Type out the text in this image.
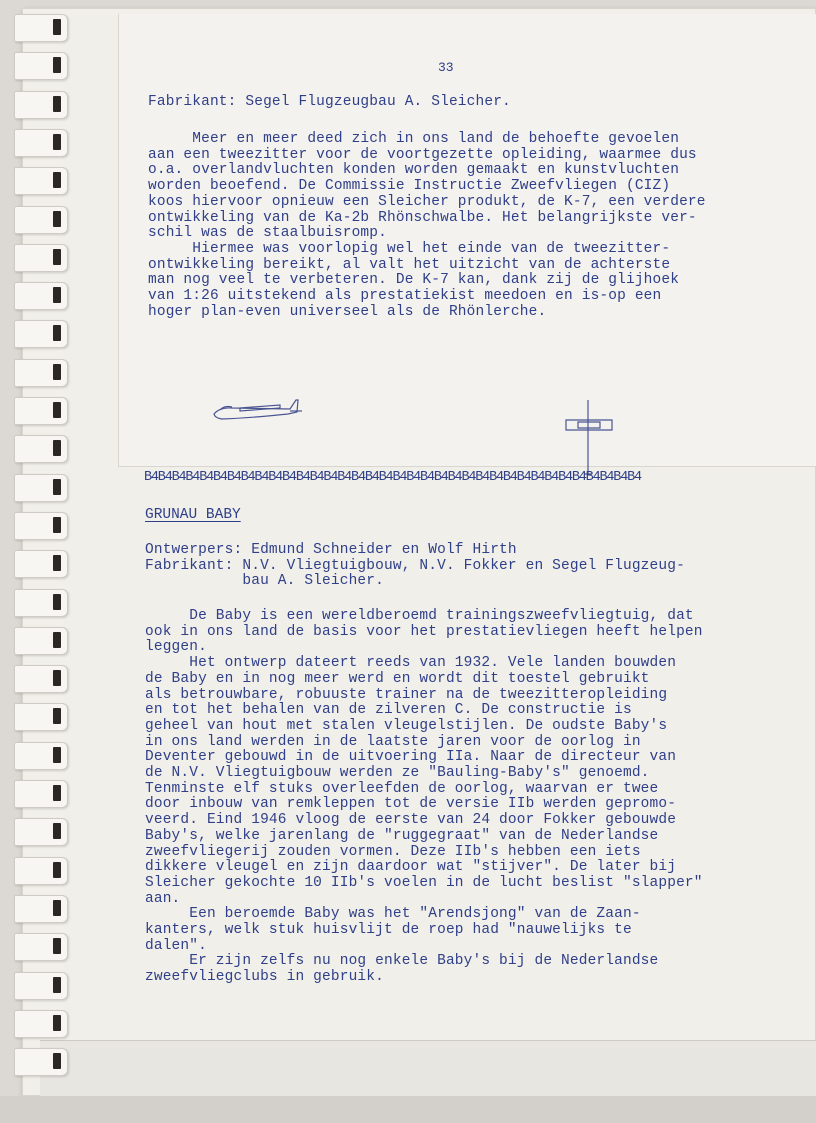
33
Fabrikant: Segel Flugzeugbau A. Sleicher.
Meer en meer deed zich in ons land de behoefte gevoelen
aan een tweezitter voor de voortgezette opleiding, waarmee dus
o.a. overlandvluchten konden worden gemaakt en kunstvluchten
worden beoefend. De Commissie Instructie Zweefvliegen (CIZ)
koos hiervoor opnieuw een Sleicher produkt, de K-7, een verdere
ontwikkeling van de Ka-2b Rhönschwalbe. Het belangrijkste ver-
schil was de staalbuisromp.
Hiermee was voorlopig wel het einde van de tweezitter-
ontwikkeling bereikt, al valt het uitzicht van de achterste
man nog veel te verbeteren. De K-7 kan, dank zij de glijhoek
van 1:26 uitstekend als prestatiekist meedoen en is-op een
hoger plan-even universeel als de Rhönlerche.
B4B4B4B4B4B4B4B4B4B4B4B4B4B4B4B4B4B4B4B4B4B4B4B4B4B4B4B4B4B4B4B4B4B4B4B4
GRUNAU BABY
Ontwerpers: Edmund Schneider en Wolf Hirth
Fabrikant: N.V. Vliegtuigbouw, N.V. Fokker en Segel Flugzeug-
bau A. Sleicher.
De Baby is een wereldberoemd trainingszweefvliegtuig, dat
ook in ons land de basis voor het prestatievliegen heeft helpen
leggen.
Het ontwerp dateert reeds van 1932. Vele landen bouwden
de Baby en in nog meer werd en wordt dit toestel gebruikt
als betrouwbare, robuuste trainer na de tweezitteropleiding
en tot het behalen van de zilveren C. De constructie is
geheel van hout met stalen vleugelstijlen. De oudste Baby's
in ons land werden in de laatste jaren voor de oorlog in
Deventer gebouwd in de uitvoering IIa. Naar de directeur van
de N.V. Vliegtuigbouw werden ze "Bauling-Baby's" genoemd.
Tenminste elf stuks overleefden de oorlog, waarvan er twee
door inbouw van remkleppen tot de versie IIb werden gepromo-
veerd. Eind 1946 vloog de eerste van 24 door Fokker gebouwde
Baby's, welke jarenlang de "ruggegraat" van de Nederlandse
zweefvliegerij zouden vormen. Deze IIb's hebben een iets
dikkere vleugel en zijn daardoor wat "stijver". De later bij
Sleicher gekochte 10 IIb's voelen in de lucht beslist "slapper"
aan.
Een beroemde Baby was het "Arendsjong" van de Zaan-
kanters, welk stuk huisvlijt de roep had "nauwelijks te
dalen".
Er zijn zelfs nu nog enkele Baby's bij de Nederlandse
zweefvliegclubs in gebruik.
